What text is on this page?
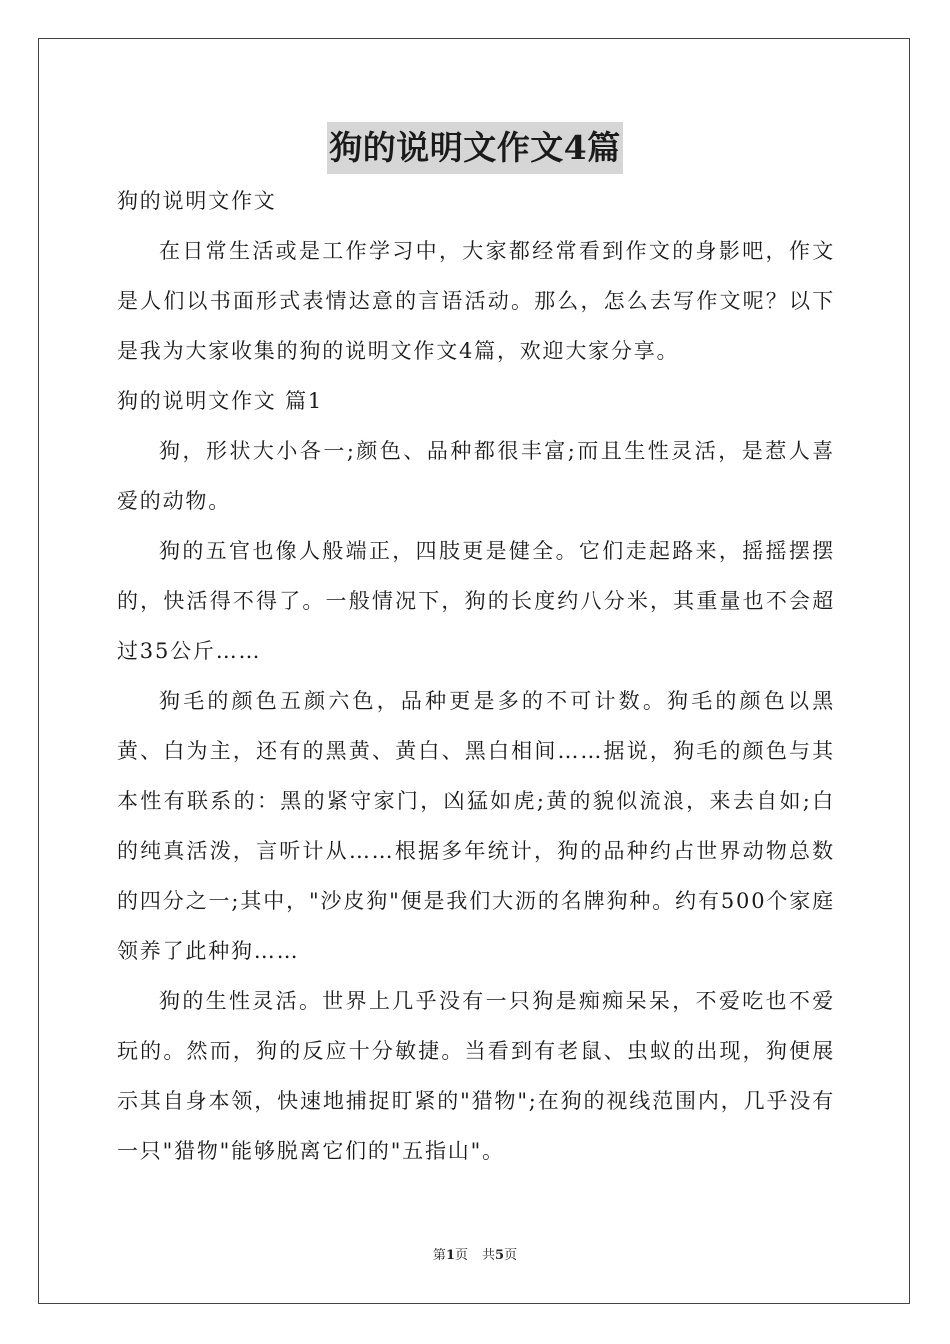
狗的说明文作文4篇

狗的说明文作文

在日常生活或是工作学习中，大家都经常看到作文的身影吧，作文是人们以书面形式表情达意的言语活动。那么，怎么去写作文呢？以下是我为大家收集的狗的说明文作文4篇，欢迎大家分享。

狗的说明文作文 篇1

狗，形状大小各一;颜色、品种都很丰富;而且生性灵活，是惹人喜爱的动物。

狗的五官也像人般端正，四肢更是健全。它们走起路来，摇摇摆摆的，快活得不得了。一般情况下，狗的长度约八分米，其重量也不会超过35公斤……

狗毛的颜色五颜六色，品种更是多的不可计数。狗毛的颜色以黑黄、白为主，还有的黑黄、黄白、黑白相间……据说，狗毛的颜色与其本性有联系的：黑的紧守家门，凶猛如虎;黄的貌似流浪，来去自如;白的纯真活泼，言听计从……根据多年统计，狗的品种约占世界动物总数的四分之一;其中，"沙皮狗"便是我们大沥的名牌狗种。约有500个家庭领养了此种狗……

狗的生性灵活。世界上几乎没有一只狗是痴痴呆呆，不爱吃也不爱玩的。然而，狗的反应十分敏捷。当看到有老鼠、虫蚁的出现，狗便展示其自身本领，快速地捕捉盯紧的"猎物";在狗的视线范围内，几乎没有一只"猎物"能够脱离它们的"五指山"。

第1页 共5页
